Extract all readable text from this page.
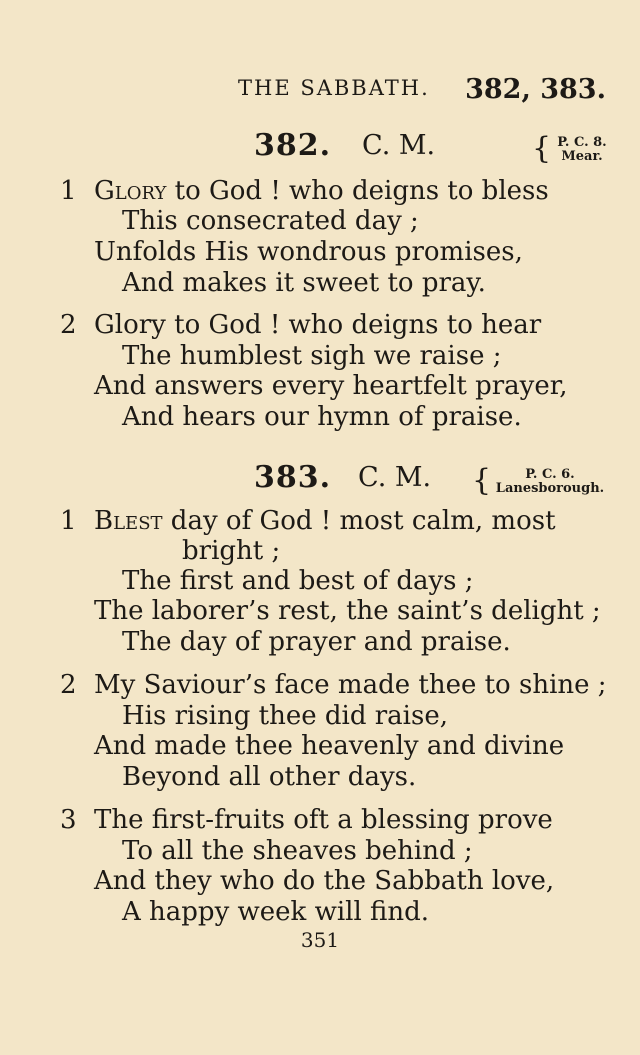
THE SABBATH. 382, 383.
382. C. M.	{ P. C. 8.
Mear.
1 Glory to God ! who deigns to bless
This consecrated day ;
Unfolds His wondrous promises,
And makes it sweet to pray.
2 Glory to God ! who deigns to hear
The humblest sigh we raise ;
And answers every heartfelt prayer,
And hears our hymn of praise.
383. C. M. {	P. C. 6.
Lanesborough.
1 Blest day of God ! most calm, most
bright ;
The first and best of days ;
The laborer’s rest, the saint’s delight ;
The day of prayer and praise.
2 My Saviour’s face made thee to shine ;
His rising thee did raise,
And made thee heavenly and divine
Beyond all other days.
3 The first-fruits oft a blessing prove
To all the sheaves behind ;
And they who do the Sabbath love,
A happy week will find.
351
